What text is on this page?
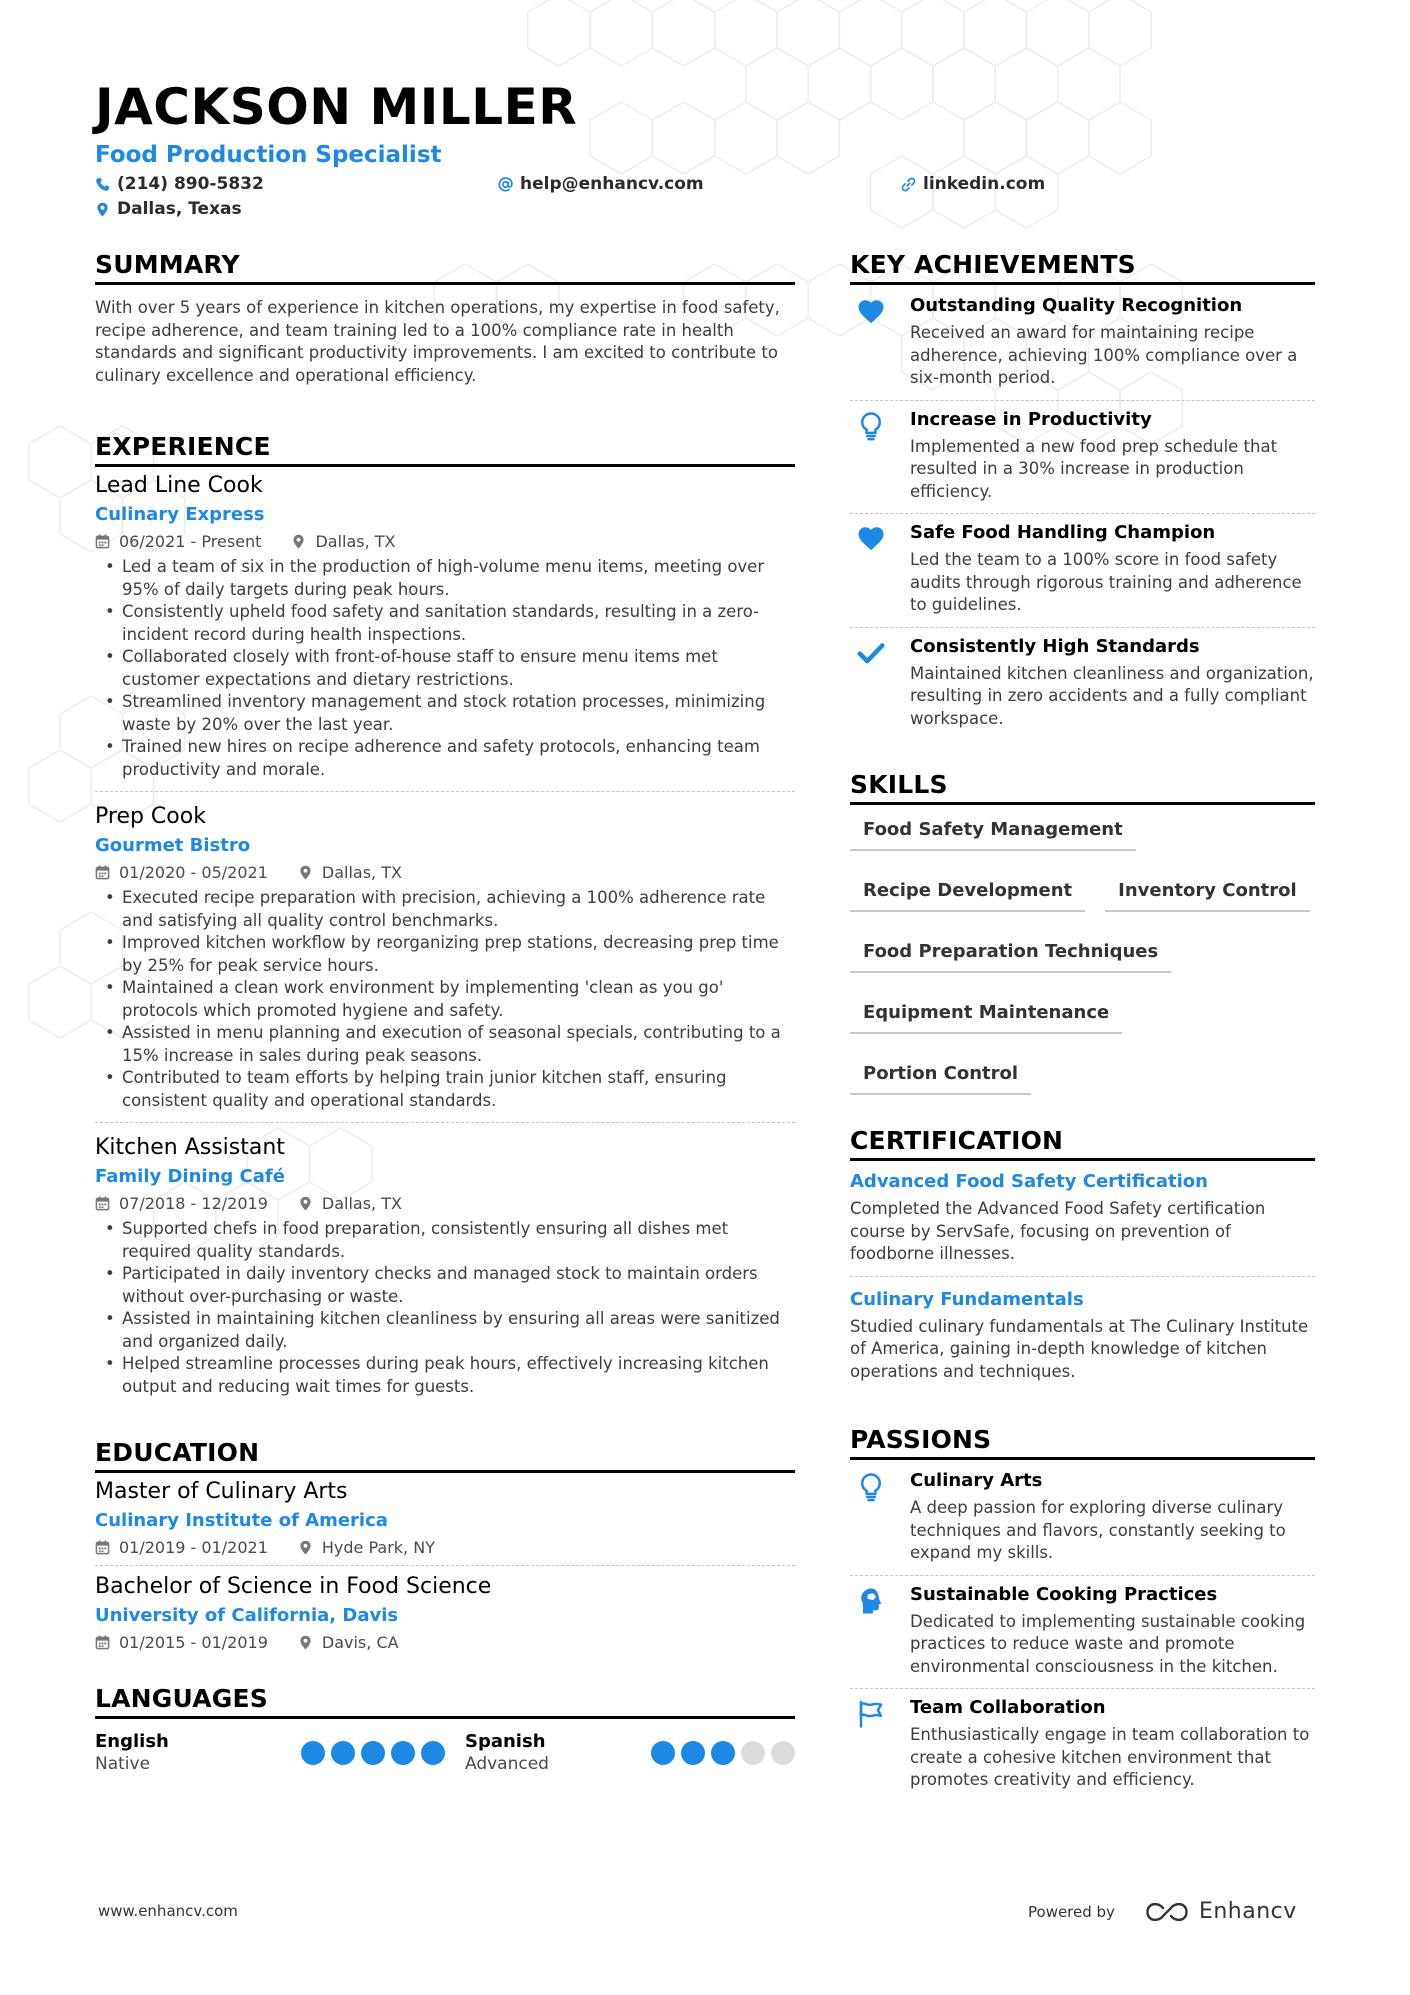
JACKSON MILLER
Food Production Specialist
(214) 890-5832
Dallas, Texas
help@enhancv.com	linkedin.com
SUMMARY

With over 5 years of experience in kitchen operations, my expertise in food safety, recipe adherence, and team training led to a 100% compliance rate in health standards and significant productivity improvements. I am excited to contribute to culinary excellence and operational efficiency.

EXPERIENCE
Lead Line Cook
Culinary Express
06/2021 - Present	Dallas, TX
• Led a team of six in the production of high-volume menu items, meeting over 95% of daily targets during peak hours.
• Consistently upheld food safety and sanitation standards, resulting in a zero-incident record during health inspections.
• Collaborated closely with front-of-house staff to ensure menu items met customer expectations and dietary restrictions.
• Streamlined inventory management and stock rotation processes, minimizing waste by 20% over the last year.
• Trained new hires on recipe adherence and safety protocols, enhancing team productivity and morale.
Prep Cook
Gourmet Bistro
01/2020 - 05/2021	Dallas, TX
• Executed recipe preparation with precision, achieving a 100% adherence rate and satisfying all quality control benchmarks.
• Improved kitchen workflow by reorganizing prep stations, decreasing prep time by 25% for peak service hours.
• Maintained a clean work environment by implementing 'clean as you go' protocols which promoted hygiene and safety.
• Assisted in menu planning and execution of seasonal specials, contributing to a 15% increase in sales during peak seasons.
• Contributed to team efforts by helping train junior kitchen staff, ensuring consistent quality and operational standards.
Kitchen Assistant
Family Dining Café
07/2018 - 12/2019	Dallas, TX
• Supported chefs in food preparation, consistently ensuring all dishes met required quality standards.
• Participated in daily inventory checks and managed stock to maintain orders without over-purchasing or waste.
• Assisted in maintaining kitchen cleanliness by ensuring all areas were sanitized and organized daily.
• Helped streamline processes during peak hours, effectively increasing kitchen output and reducing wait times for guests.
EDUCATION
Master of Culinary Arts
Culinary Institute of America
01/2019 - 01/2021	Hyde Park, NY
Bachelor of Science in Food Science
University of California, Davis
01/2015 - 01/2019	Davis, CA
LANGUAGES
English
Native
Spanish
Advanced
KEY ACHIEVEMENTS
Outstanding Quality Recognition

Received an award for maintaining recipe adherence, achieving 100% compliance over a six-month period.

Increase in Productivity

Implemented a new food prep schedule that resulted in a 30% increase in production efficiency.

Safe Food Handling Champion

Led the team to a 100% score in food safety audits through rigorous training and adherence to guidelines.

Consistently High Standards

Maintained kitchen cleanliness and organization, resulting in zero accidents and a fully compliant workspace.

SKILLS
Food Safety Management
Recipe Development	Inventory Control
Food Preparation Techniques
Equipment Maintenance
Portion Control
CERTIFICATION
Advanced Food Safety Certification

Completed the Advanced Food Safety certification course by ServSafe, focusing on prevention of foodborne illnesses.

Culinary Fundamentals

Studied culinary fundamentals at The Culinary Institute of America, gaining in-depth knowledge of kitchen operations and techniques.

PASSIONS
Culinary Arts

A deep passion for exploring diverse culinary techniques and flavors, constantly seeking to expand my skills.

Sustainable Cooking Practices

Dedicated to implementing sustainable cooking practices to reduce waste and promote environmental consciousness in the kitchen.

Team Collaboration

Enthusiastically engage in team collaboration to create a cohesive kitchen environment that promotes creativity and efficiency.

www.enhancv.com	Powered by	Enhancv
